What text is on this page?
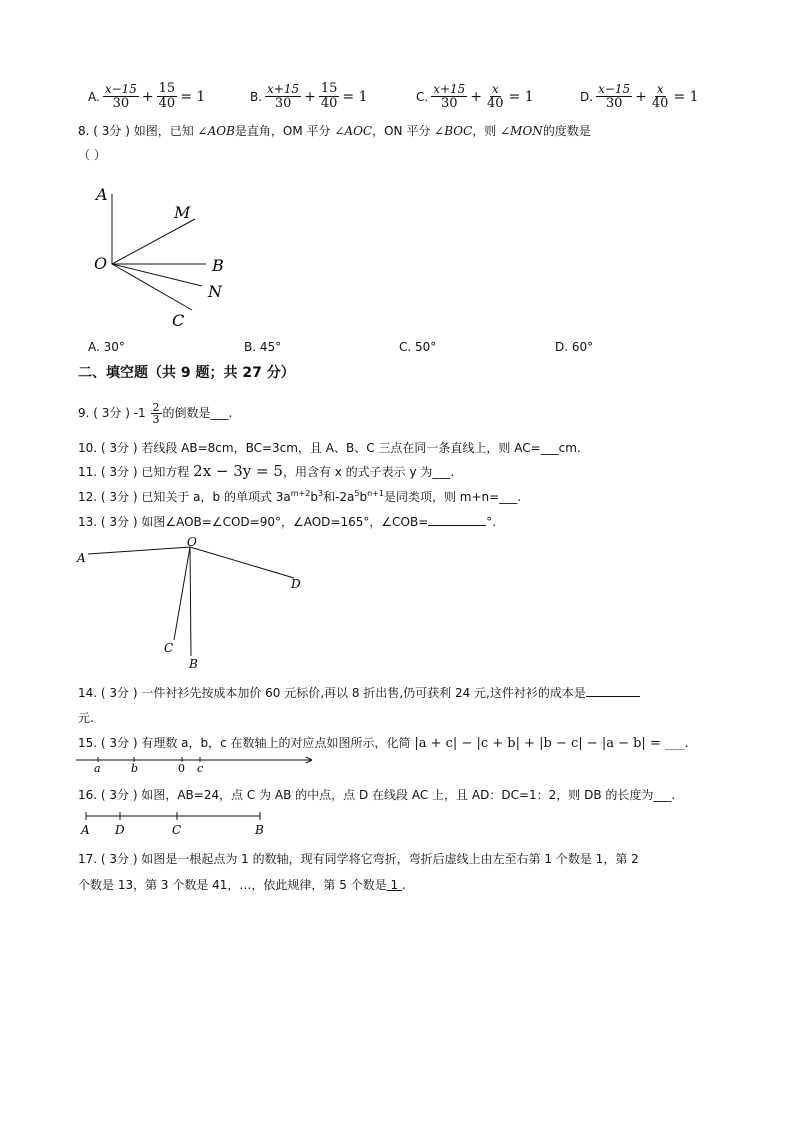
A. $\frac{x-15}{30} + \frac{15}{40} = 1$	B. $\frac{x+15}{30} + \frac{15}{40} = 1$	C. $\frac{x+15}{30} + \frac{x}{40} = 1$	D. $\frac{x-15}{30} + \frac{x}{40} = 1$
8. ( 3分 ) 如图，已知 ∠AOB是直角，OM 平分 ∠AOC，ON 平分 ∠BOC，则 ∠MON的度数是
（ ）
A
M
O	B
N
C
A. 30°	B. 45°	C. 50°	D. 60°
二、填空题（共 9 题；共 27 分）
9. ( 3分 ) $-1 \frac{2}{3}$ 的倒数是___.
10. ( 3分 ) 若线段 AB=8cm，BC=3cm，且 A、B、C 三点在同一条直线上，则 AC=___cm.
11. ( 3分 ) 已知方程 2x − 3y = 5，用含有 x 的式子表示 y 为___.
12. ( 3分 ) 已知关于 a，b 的单项式 $3a^{m+2}b^3$和$-2a^5b^{n+1}$是同类项，则 m+n=___.
13. ( 3分 ) 如图∠AOB=∠COD=90°，∠AOD=165°，∠COB=	°.
A
O
D
C
B
14. ( 3分 ) 一件衬衫先按成本加价 60 元标价,再以 8 折出售,仍可获利 24 元,这件衬衫的成本是
元.
15. ( 3分 ) 有理数 a，b，c 在数轴上的对应点如图所示，化简 |a + c| − |c + b| + |b − c| − |a − b| = ___.
a	b	0 c
16. ( 3分 ) 如图，AB=24，点 C 为 AB 的中点，点 D 在线段 AC 上，且 AD：DC=1：2，则 DB 的长度为___.
A D	C	B
17. ( 3分 ) 如图是一根起点为 1 的数轴，现有同学将它弯折，弯折后虚线上由左至右第 1 个数是 1，第 2
个数是 13，第 3 个数是 41，…，依此规律，第 5 个数是 1 .
